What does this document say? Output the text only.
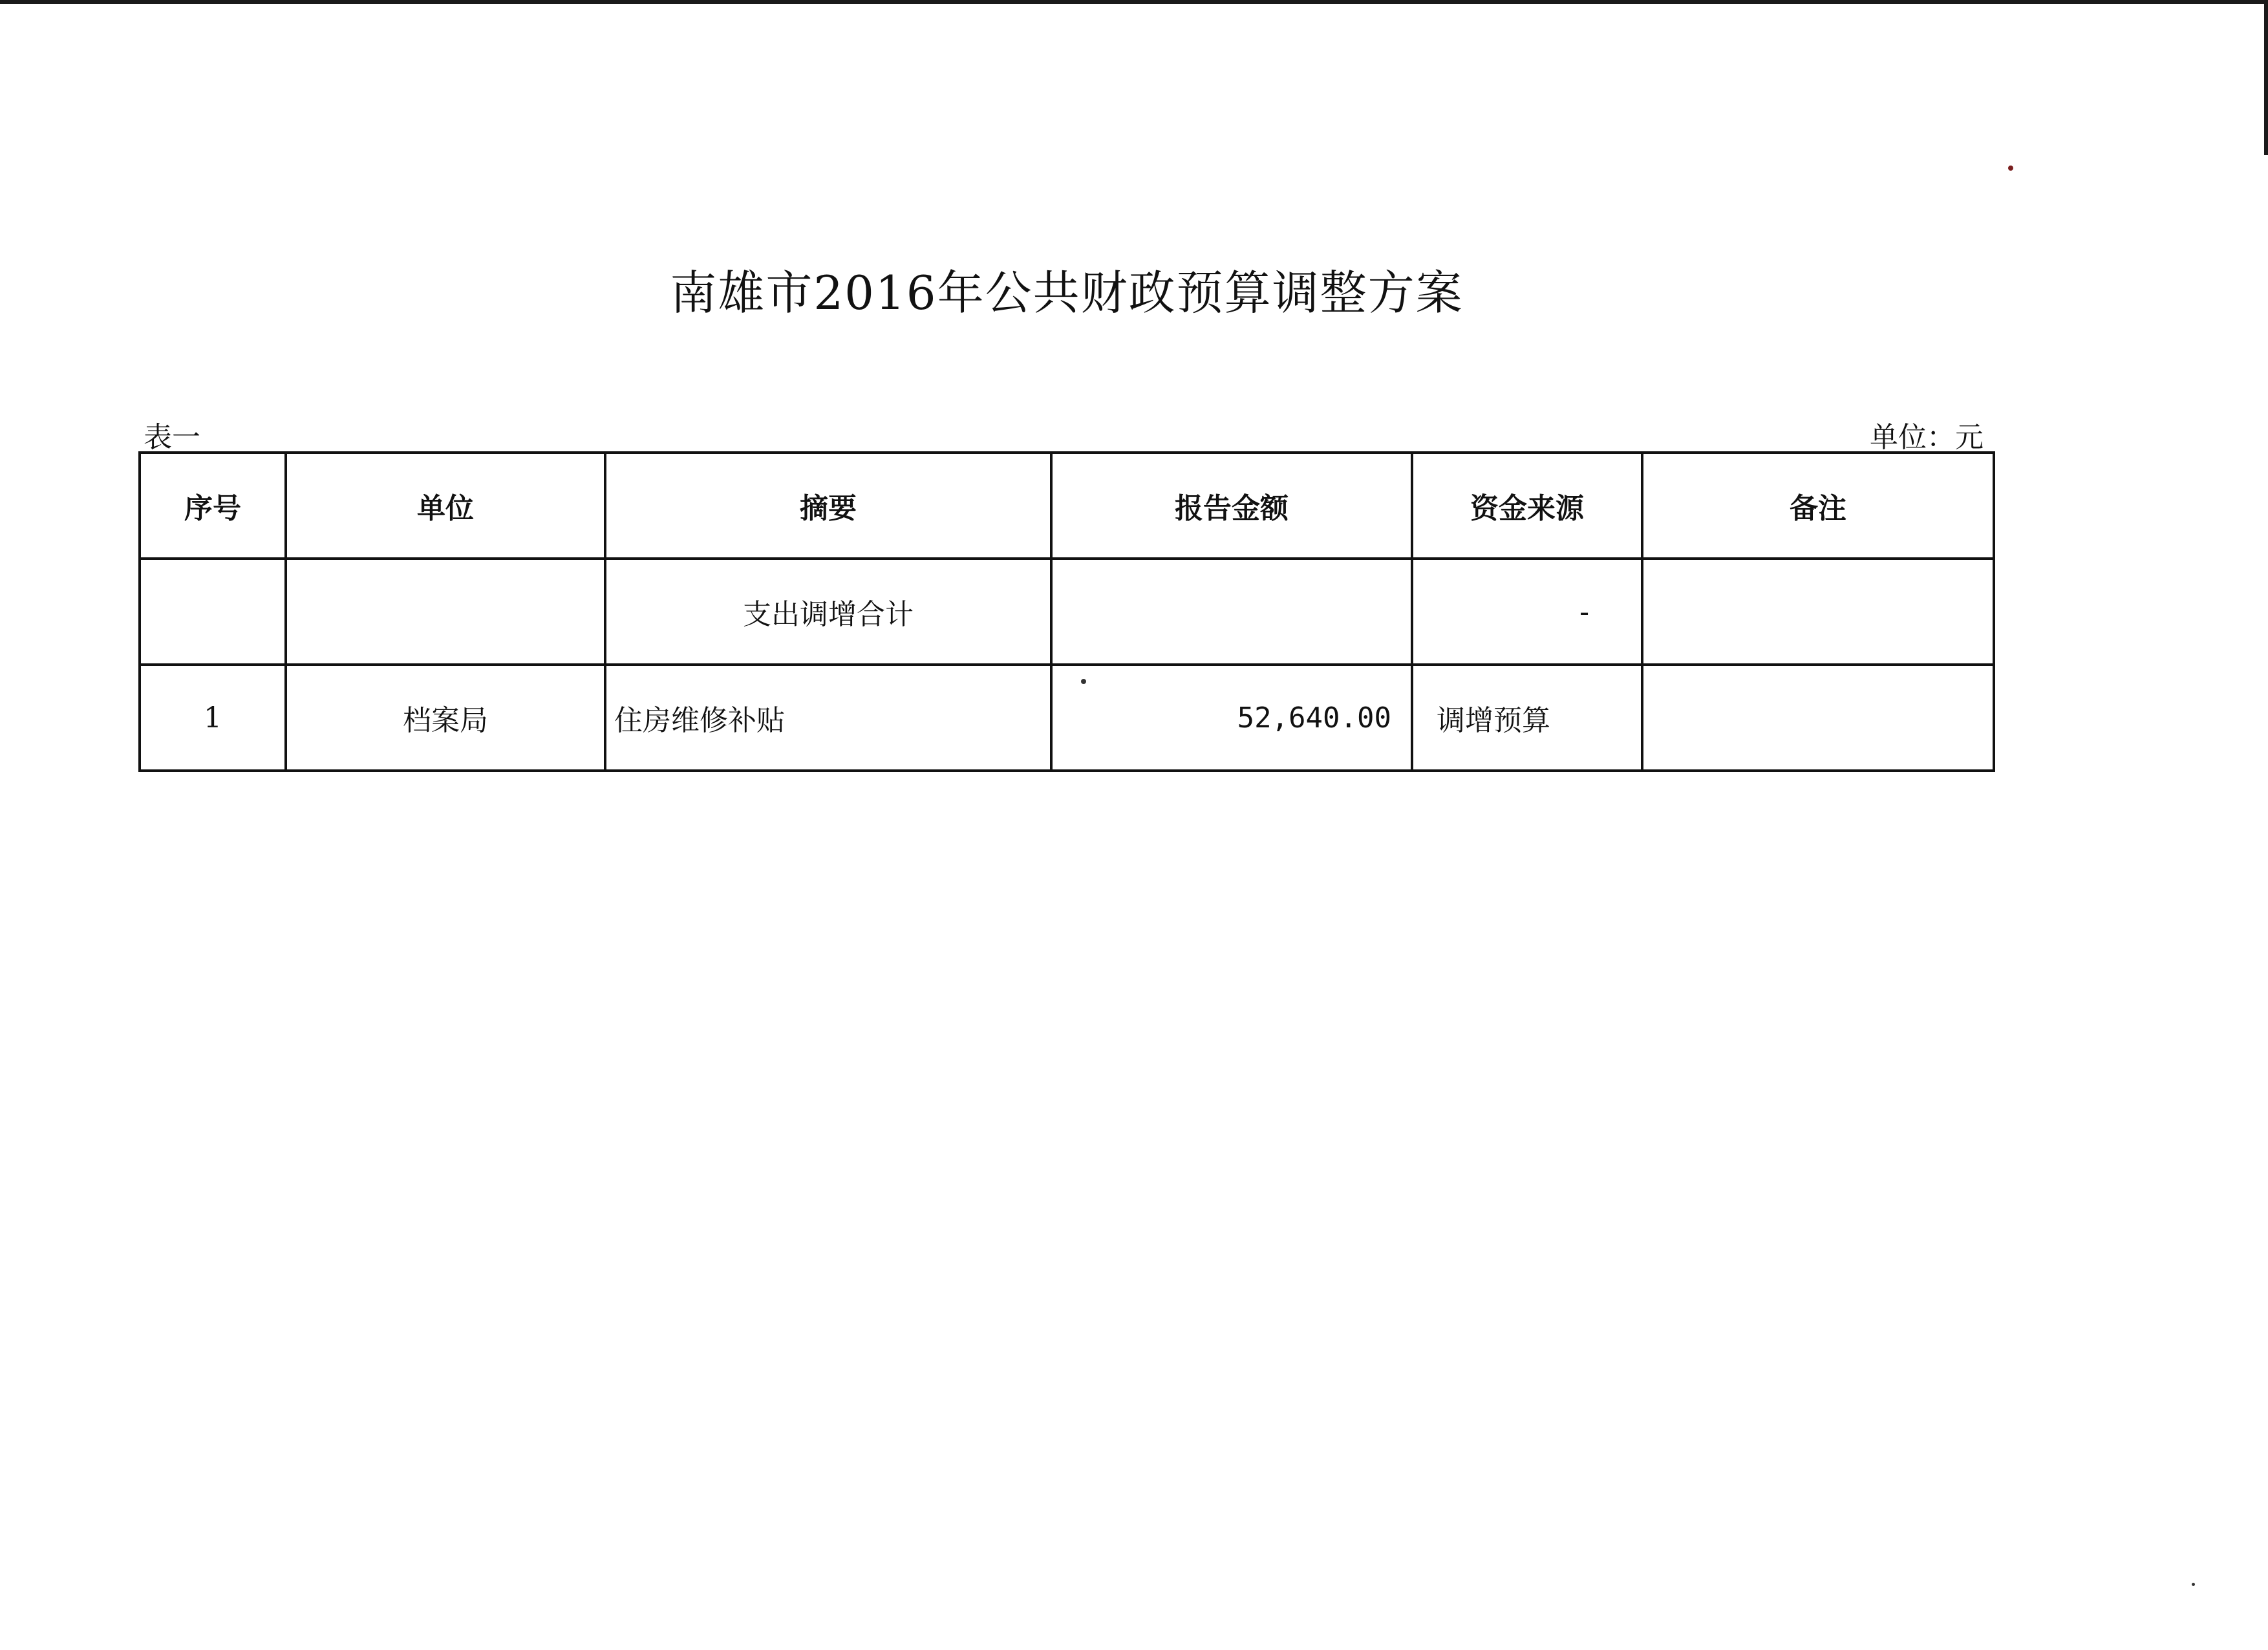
南雄市2016年公共财政预算调整方案
表一	单位：元
序号	单位	摘要	报告金额	资金来源	备注
		支出调增合计		-	
1	档案局	住房维修补贴	52,640.00	调增预算	
